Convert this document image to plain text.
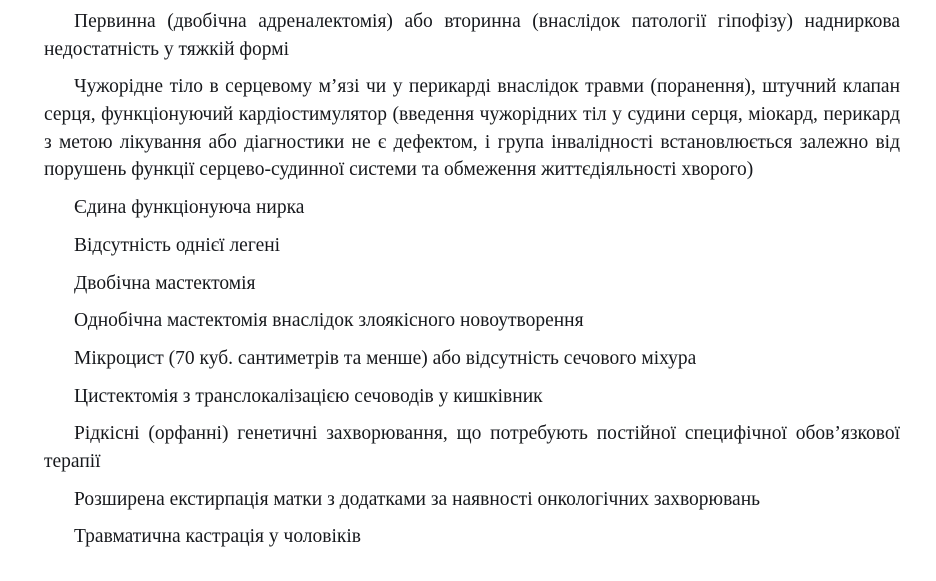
Первинна (двобічна адреналектомія) або вторинна (внаслідок патології гіпофізу) надниркова недостатність у тяжкій формі

Чужорідне тіло в серцевому м’язі чи у перикарді внаслідок травми (поранення), штучний клапан серця, функціонуючий кардіостимулятор (введення чужорідних тіл у судини серця, міокард, перикард з метою лікування або діагностики не є дефектом, і група інвалідності встановлюється залежно від порушень функції серцево-судинної системи та обмеження життєдіяльності хворого)

Єдина функціонуюча нирка

Відсутність однієї легені

Двобічна мастектомія

Однобічна мастектомія внаслідок злоякісного новоутворення

Мікроцист (70 куб. сантиметрів та менше) або відсутність сечового міхура

Цистектомія з транслокалізацією сечоводів у кишківник

Рідкісні (орфанні) генетичні захворювання, що потребують постійної специфічної обов’язкової терапії

Розширена екстирпація матки з додатками за наявності онкологічних захворювань

Травматична кастрація у чоловіків
